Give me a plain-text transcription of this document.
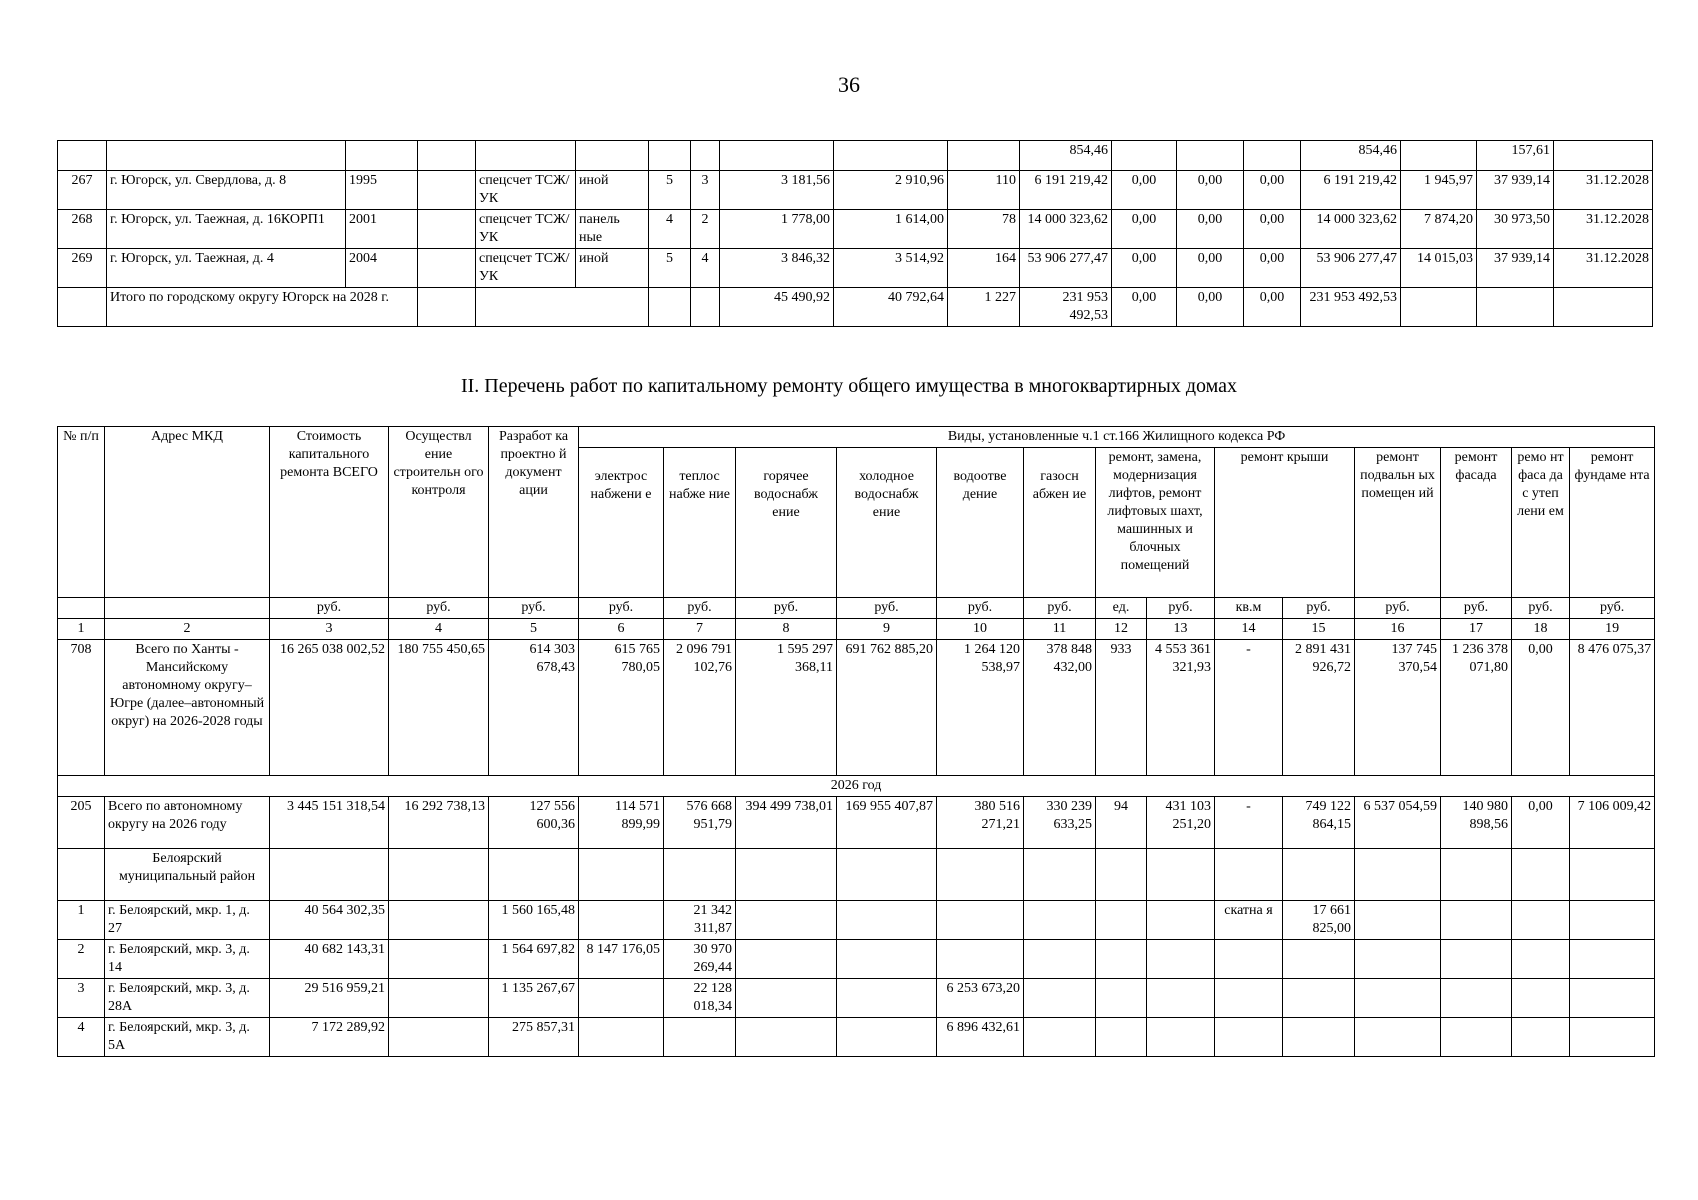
36
											854,46				854,46		157,61	
267	г. Югорск, ул. Свердлова, д. 8	1995		спецсчет ТСЖ/УК	иной	5	3	3 181,56	2 910,96	110	6 191 219,42	0,00	0,00	0,00	6 191 219,42	1 945,97	37 939,14	31.12.2028
268	г. Югорск, ул. Таежная, д. 16КОРП1	2001		спецсчет ТСЖ/УК	панель ные	4	2	1 778,00	1 614,00	78	14 000 323,62	0,00	0,00	0,00	14 000 323,62	7 874,20	30 973,50	31.12.2028
269	г. Югорск, ул. Таежная, д. 4	2004		спецсчет ТСЖ/УК	иной	5	4	3 846,32	3 514,92	164	53 906 277,47	0,00	0,00	0,00	53 906 277,47	14 015,03	37 939,14	31.12.2028
	Итого по городскому округу Югорск на 2028 г.							45 490,92	40 792,64	1 227	231 953 492,53	0,00	0,00	0,00	231 953 492,53			
II. Перечень работ по капитальному ремонту общего имущества в многоквартирных домах
№ п/п	Адрес МКД	Стоимость капитального ремонта ВСЕГО	Осуществл ение строительн ого контроля	Разработ ка проектно й документ ации	Виды, установленные ч.1 ст.166 Жилищного кодекса РФ													
					электрос набжени е	теплос набже ние	горячее водоснабж ение	холодное водоснабж ение	водоотве дение	газосн абжен ие	ремонт, замена, модернизация лифтов, ремонт лифтовых шахт, машинных и блочных помещений		ремонт крыши		ремонт подвальн ых помещен ий	ремонт фасада	ремо нт фаса да с утеп лени ем	ремонт фундаме нта

		руб.	руб.	руб.	руб.	руб.	руб.	руб.	руб.	руб.	ед.	руб.	кв.м	руб.	руб.	руб.	руб.	руб.
1	2	3	4	5	6	7	8	9	10	11	12	13	14	15	16	17	18	19
708	Всего по Ханты - Мансийскому автономному округу–Югре (далее–автономный округ) на 2026-2028 годы	16 265 038 002,52	180 755 450,65	614 303 678,43	615 765 780,05	2 096 791 102,76	1 595 297 368,11	691 762 885,20	1 264 120 538,97	378 848 432,00	933	4 553 361 321,93	-	2 891 431 926,72	137 745 370,54	1 236 378 071,80	0,00	8 476 075,37
2026 год																		
205	Всего по автономному округу на 2026 году	3 445 151 318,54	16 292 738,13	127 556 600,36	114 571 899,99	576 668 951,79	394 499 738,01	169 955 407,87	380 516 271,21	330 239 633,25	94	431 103 251,20	-	749 122 864,15	6 537 054,59	140 980 898,56	0,00	7 106 009,42
	Белоярский муниципальный район																	
1	г. Белоярский, мкр. 1, д. 27	40 564 302,35		1 560 165,48		21 342 311,87							скатна я	17 661 825,00				
2	г. Белоярский, мкр. 3, д. 14	40 682 143,31		1 564 697,82	8 147 176,05	30 970 269,44												
3	г. Белоярский, мкр. 3, д. 28А	29 516 959,21		1 135 267,67		22 128 018,34			6 253 673,20									
4	г. Белоярский, мкр. 3, д. 5А	7 172 289,92		275 857,31					6 896 432,61									
